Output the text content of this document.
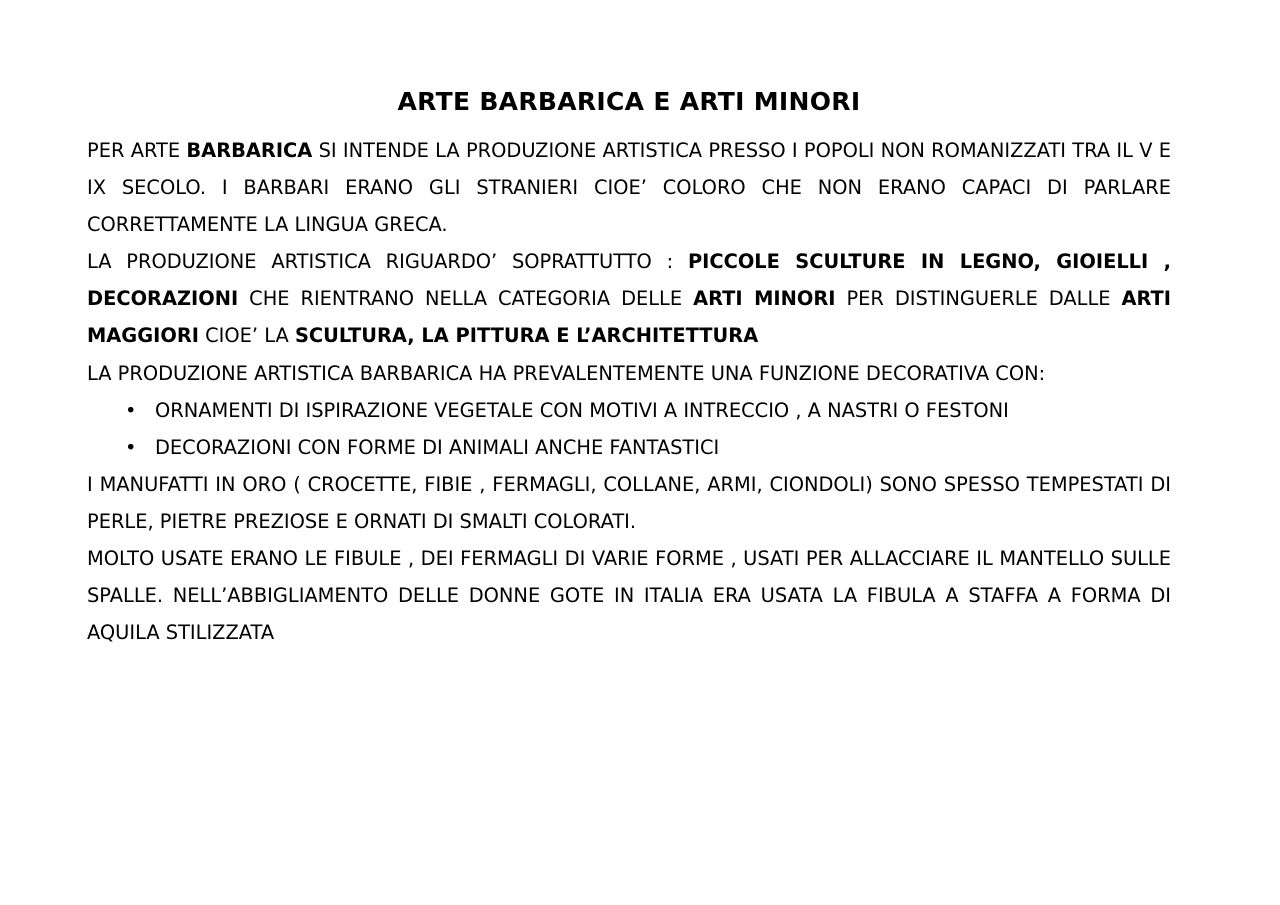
ARTE BARBARICA E ARTI MINORI

PER ARTE BARBARICA SI INTENDE LA PRODUZIONE ARTISTICA PRESSO I POPOLI NON ROMANIZZATI TRA IL V E IX SECOLO. I BARBARI ERANO GLI STRANIERI CIOE’ COLORO CHE NON ERANO CAPACI DI PARLARE CORRETTAMENTE LA LINGUA GRECA.

LA PRODUZIONE ARTISTICA RIGUARDO’ SOPRATTUTTO : PICCOLE SCULTURE IN LEGNO, GIOIELLI , DECORAZIONI CHE RIENTRANO NELLA CATEGORIA DELLE ARTI MINORI PER DISTINGUERLE DALLE ARTI MAGGIORI CIOE’ LA SCULTURA, LA PITTURA E L’ARCHITETTURA

LA PRODUZIONE ARTISTICA BARBARICA HA PREVALENTEMENTE UNA FUNZIONE DECORATIVA CON:

• ORNAMENTI DI ISPIRAZIONE VEGETALE CON MOTIVI A INTRECCIO , A NASTRI O FESTONI
• DECORAZIONI CON FORME DI ANIMALI ANCHE FANTASTICI

I MANUFATTI IN ORO ( CROCETTE, FIBIE , FERMAGLI, COLLANE, ARMI, CIONDOLI) SONO SPESSO TEMPESTATI DI PERLE, PIETRE PREZIOSE E ORNATI DI SMALTI COLORATI.

MOLTO USATE ERANO LE FIBULE , DEI FERMAGLI DI VARIE FORME , USATI PER ALLACCIARE IL MANTELLO SULLE SPALLE. NELL’ABBIGLIAMENTO DELLE DONNE GOTE IN ITALIA ERA USATA LA FIBULA A STAFFA A FORMA DI AQUILA STILIZZATA
